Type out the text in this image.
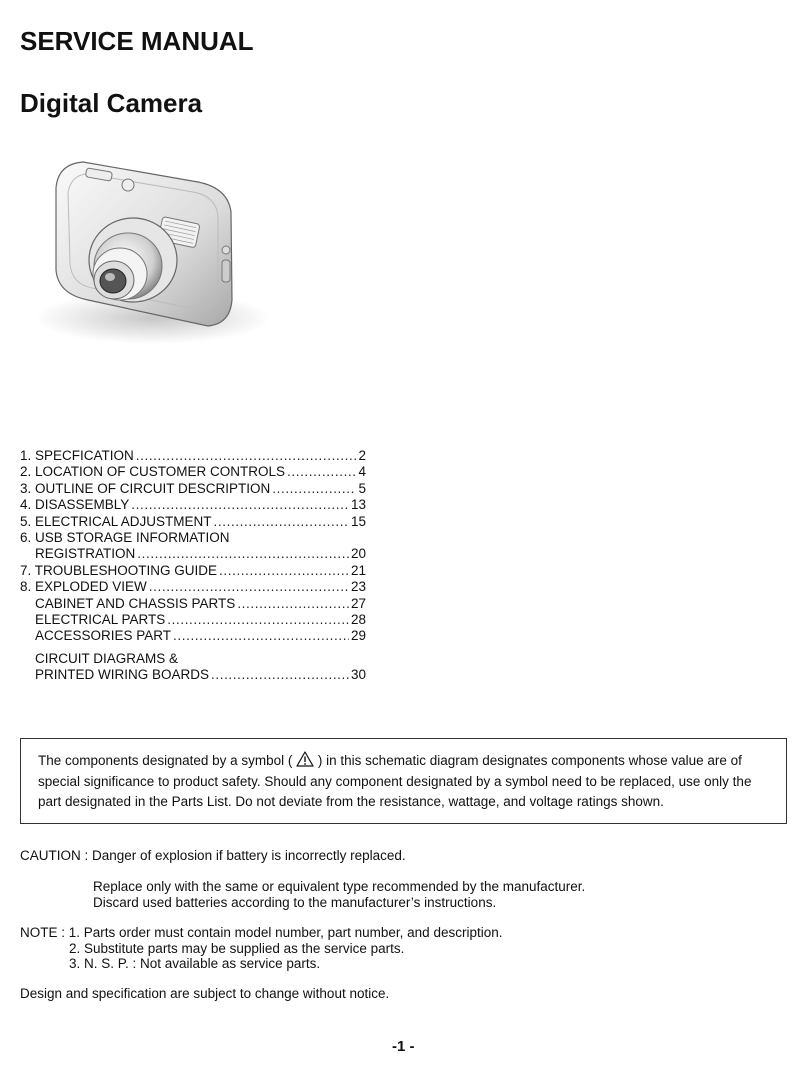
SERVICE MANUAL
Digital Camera
1. SPECFICATION .....	2
2. LOCATION OF CUSTOMER CONTROLS .....	4
3. OUTLINE OF CIRCUIT DESCRIPTION .....	5
4. DISASSEMBLY .....	13
5. ELECTRICAL ADJUSTMENT .....	15
6. USB STORAGE INFORMATION
REGISTRATION .....	20
7. TROUBLESHOOTING GUIDE .....	21
8. EXPLODED VIEW .....	23
CABINET AND CHASSIS PARTS .....	27
ELECTRICAL PARTS .....	28
ACCESSORIES PART .....	29
CIRCUIT DIAGRAMS &
PRINTED WIRING BOARDS .....	30
The components designated by a symbol ( ) in this schematic diagram designates components whose value are of special significance to product safety. Should any component designated by a symbol need to be replaced, use only the part designated in the Parts List. Do not deviate from the resistance, wattage, and voltage ratings shown.
CAUTION : Danger of explosion if battery is incorrectly replaced.
Replace only with the same or equivalent type recommended by the manufacturer.
Discard used batteries according to the manufacturer’s instructions.
NOTE : 1. Parts order must contain model number, part number, and description.
2. Substitute parts may be supplied as the service parts.
3. N. S. P. : Not available as service parts.
Design and specification are subject to change without notice.
-1 -
